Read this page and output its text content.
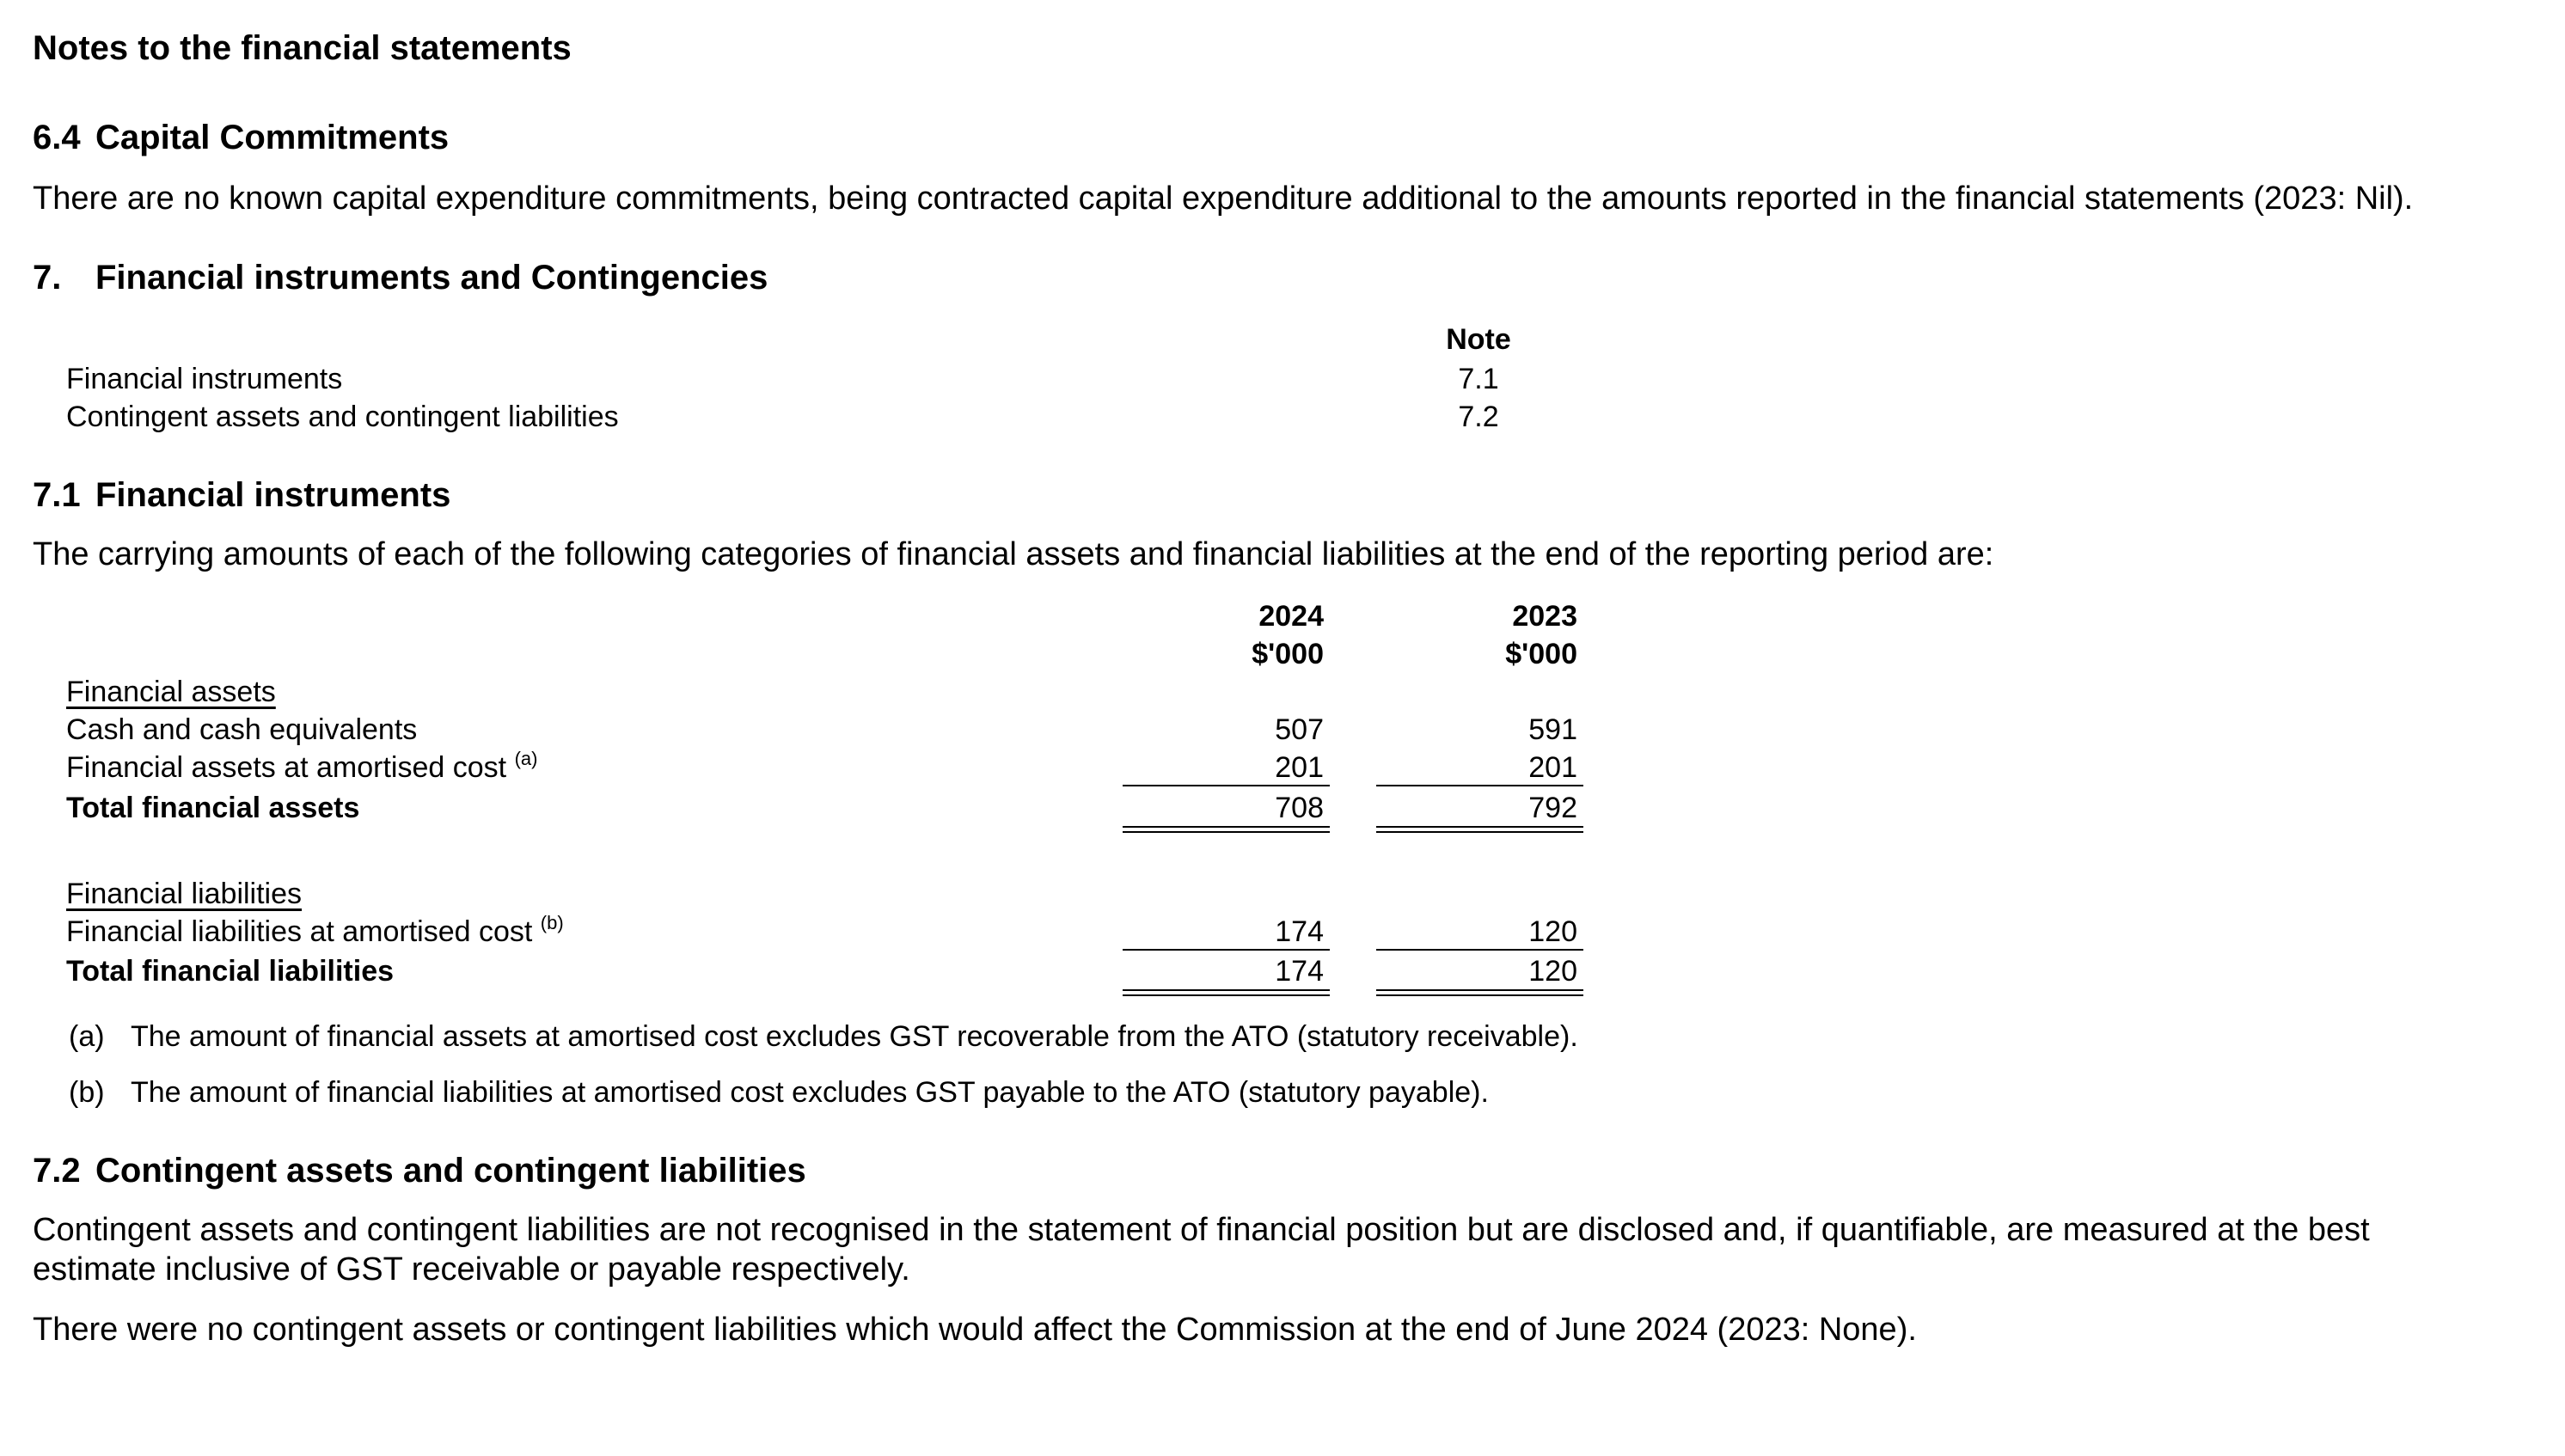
Notes to the financial statements
6.4 Capital Commitments
There are no known capital expenditure commitments, being contracted capital expenditure additional to the amounts reported in the financial statements (2023: Nil).
7. Financial instruments and Contingencies
Note
Financial instruments	7.1
Contingent assets and contingent liabilities	7.2
7.1 Financial instruments
The carrying amounts of each of the following categories of financial assets and financial liabilities at the end of the reporting period are:
2024	2023
$'000	$'000
Financial assets
Cash and cash equivalents	507	591
Financial assets at amortised cost $^{(a)}$	201	201
Total financial assets	708	792
Financial liabilities
Financial liabilities at amortised cost $^{(b)}$	174	120
Total financial liabilities	174	120
(a) The amount of financial assets at amortised cost excludes GST recoverable from the ATO (statutory receivable).
(b) The amount of financial liabilities at amortised cost excludes GST payable to the ATO (statutory payable).
7.2 Contingent assets and contingent liabilities
Contingent assets and contingent liabilities are not recognised in the statement of financial position but are disclosed and, if quantifiable, are measured at the best
estimate inclusive of GST receivable or payable respectively.
There were no contingent assets or contingent liabilities which would affect the Commission at the end of June 2024 (2023: None).
